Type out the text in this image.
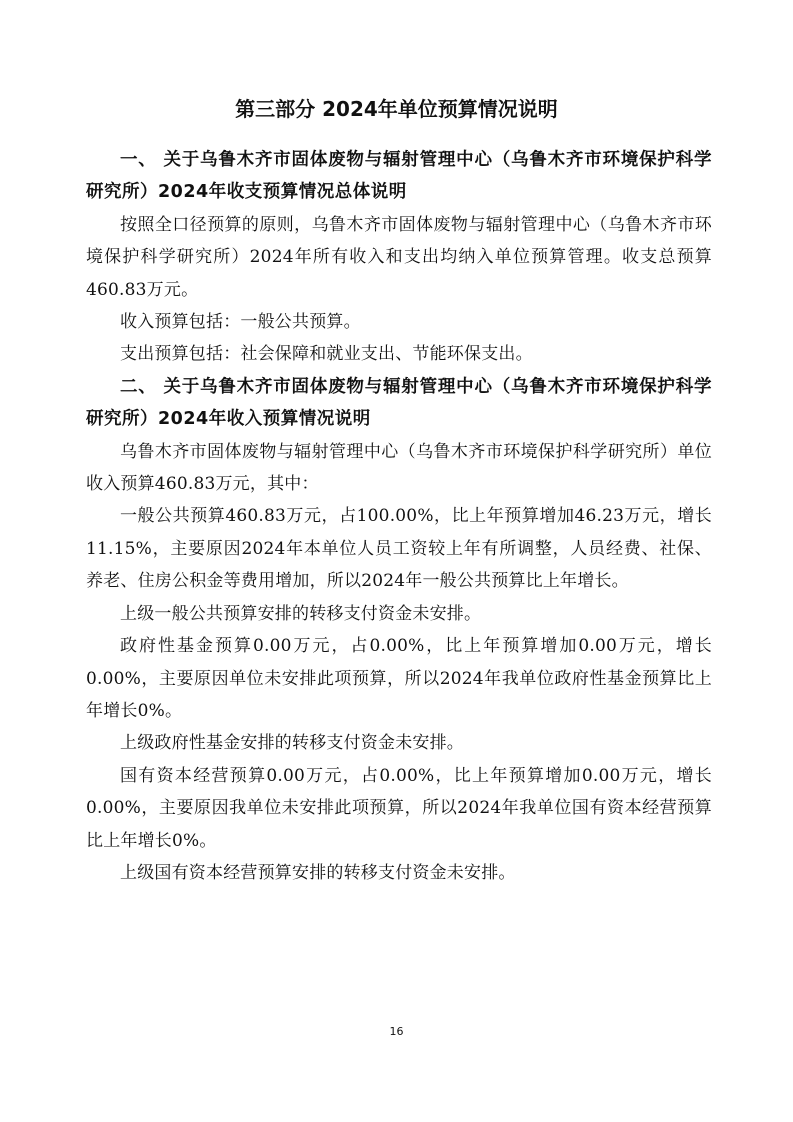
第三部分 2024年单位预算情况说明

一、 关于乌鲁木齐市固体废物与辐射管理中心（乌鲁木齐市环境保护科学研究所）2024年收支预算情况总体说明

按照全口径预算的原则，乌鲁木齐市固体废物与辐射管理中心（乌鲁木齐市环境保护科学研究所）2024年所有收入和支出均纳入单位预算管理。收支总预算460.83万元。

收入预算包括：一般公共预算。

支出预算包括：社会保障和就业支出、节能环保支出。

二、 关于乌鲁木齐市固体废物与辐射管理中心（乌鲁木齐市环境保护科学研究所）2024年收入预算情况说明

乌鲁木齐市固体废物与辐射管理中心（乌鲁木齐市环境保护科学研究所）单位收入预算460.83万元，其中：

一般公共预算460.83万元，占100.00%，比上年预算增加46.23万元，增长11.15%，主要原因2024年本单位人员工资较上年有所调整，人员经费、社保、养老、住房公积金等费用增加，所以2024年一般公共预算比上年增长。

上级一般公共预算安排的转移支付资金未安排。

政府性基金预算0.00万元，占0.00%，比上年预算增加0.00万元，增长0.00%，主要原因单位未安排此项预算，所以2024年我单位政府性基金预算比上年增长0%。

上级政府性基金安排的转移支付资金未安排。

国有资本经营预算0.00万元，占0.00%，比上年预算增加0.00万元，增长0.00%，主要原因我单位未安排此项预算，所以2024年我单位国有资本经营预算比上年增长0%。

上级国有资本经营预算安排的转移支付资金未安排。

16
